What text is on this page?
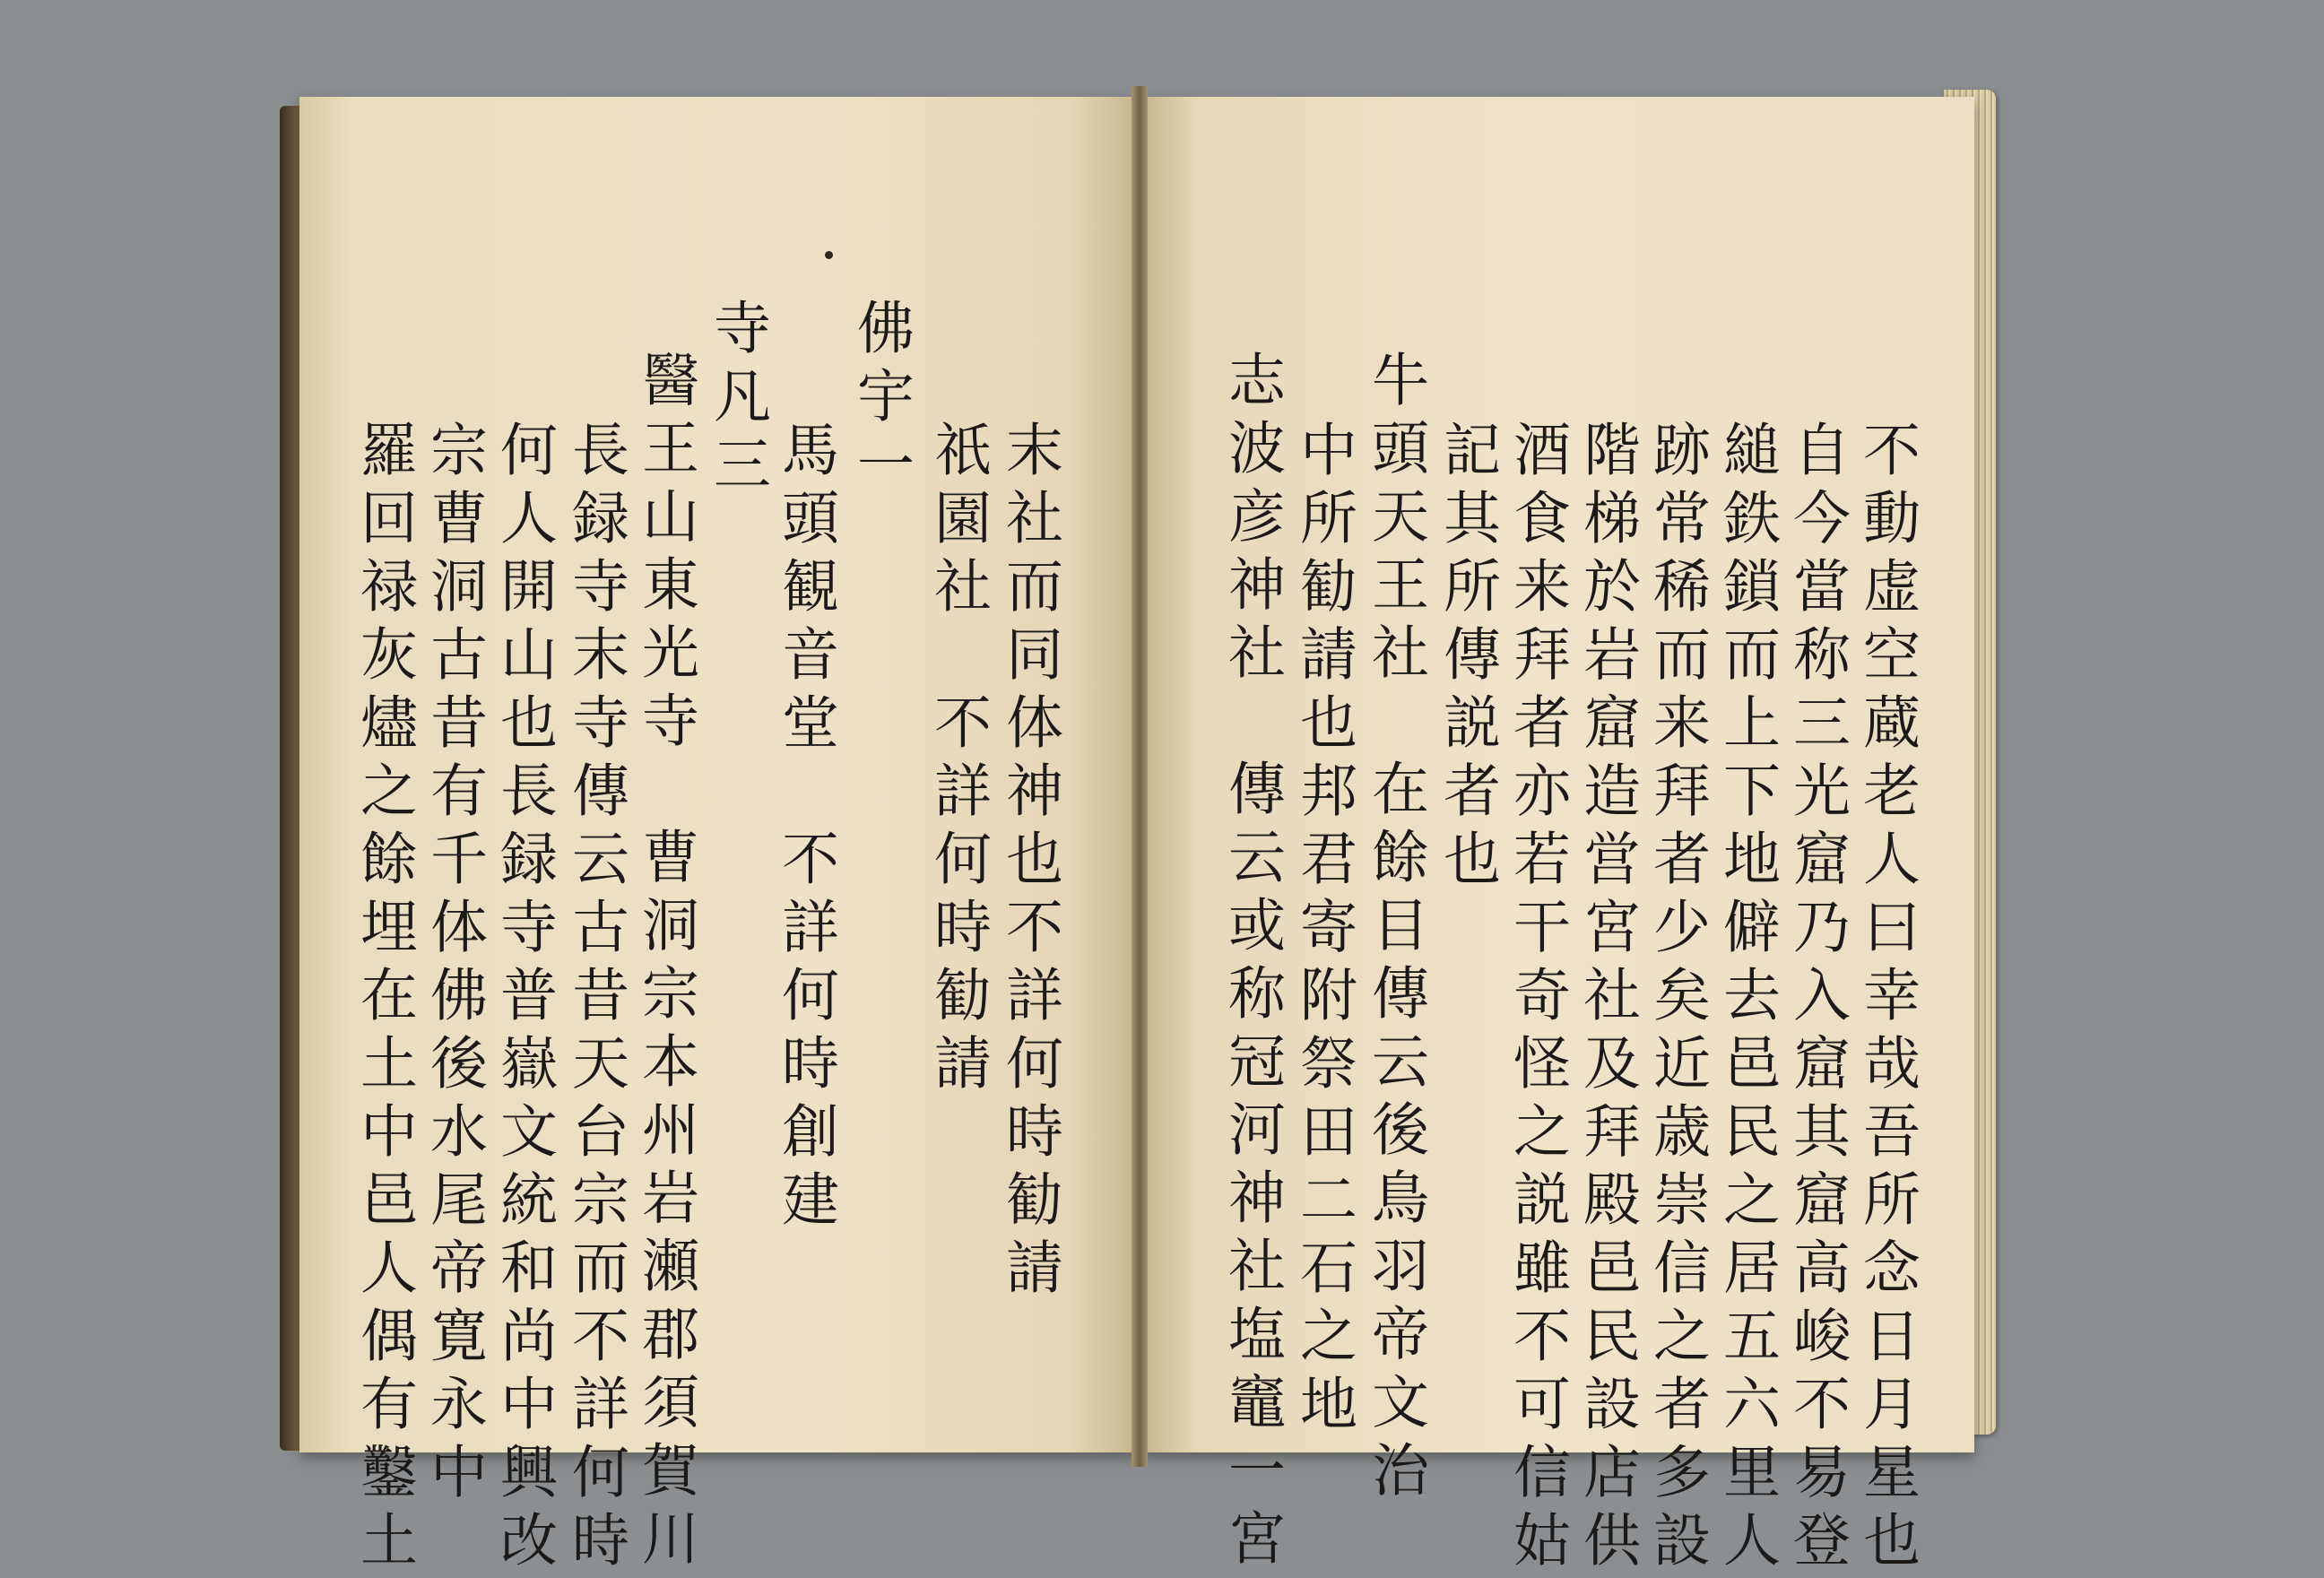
末社而同体神也不詳何時勧請
祇園社　不詳何時勧請
佛宇一
馬頭観音堂　不詳何時創建
寺凡三
醫王山東光寺　曹洞宗本州岩瀬郡須賀川
長録寺末寺傳云古昔天台宗而不詳何時
何人開山也長録寺普嶽文統和尚中興改
宗曹洞古昔有千体佛後水尾帝寛永中
羅回禄灰燼之餘埋在土中邑人偶有鑿土	不動虚空蔵老人曰幸哉吾所念日月星也
自今當称三光窟乃入窟其窟高峻不易登
縋鉄鎖而上下地僻去邑民之居五六里人
跡常稀而来拜者少矣近歳崇信之者多設
階梯於岩窟造営宮社及拜殿邑民設店供
酒食来拜者亦若干奇怪之説雖不可信姑
記其所傳説者也
牛頭天王社　在餘目傳云後鳥羽帝文治
中所勧請也邦君寄附祭田二石之地
志波彦神社　傳云或称冠河神社塩竈一宮
